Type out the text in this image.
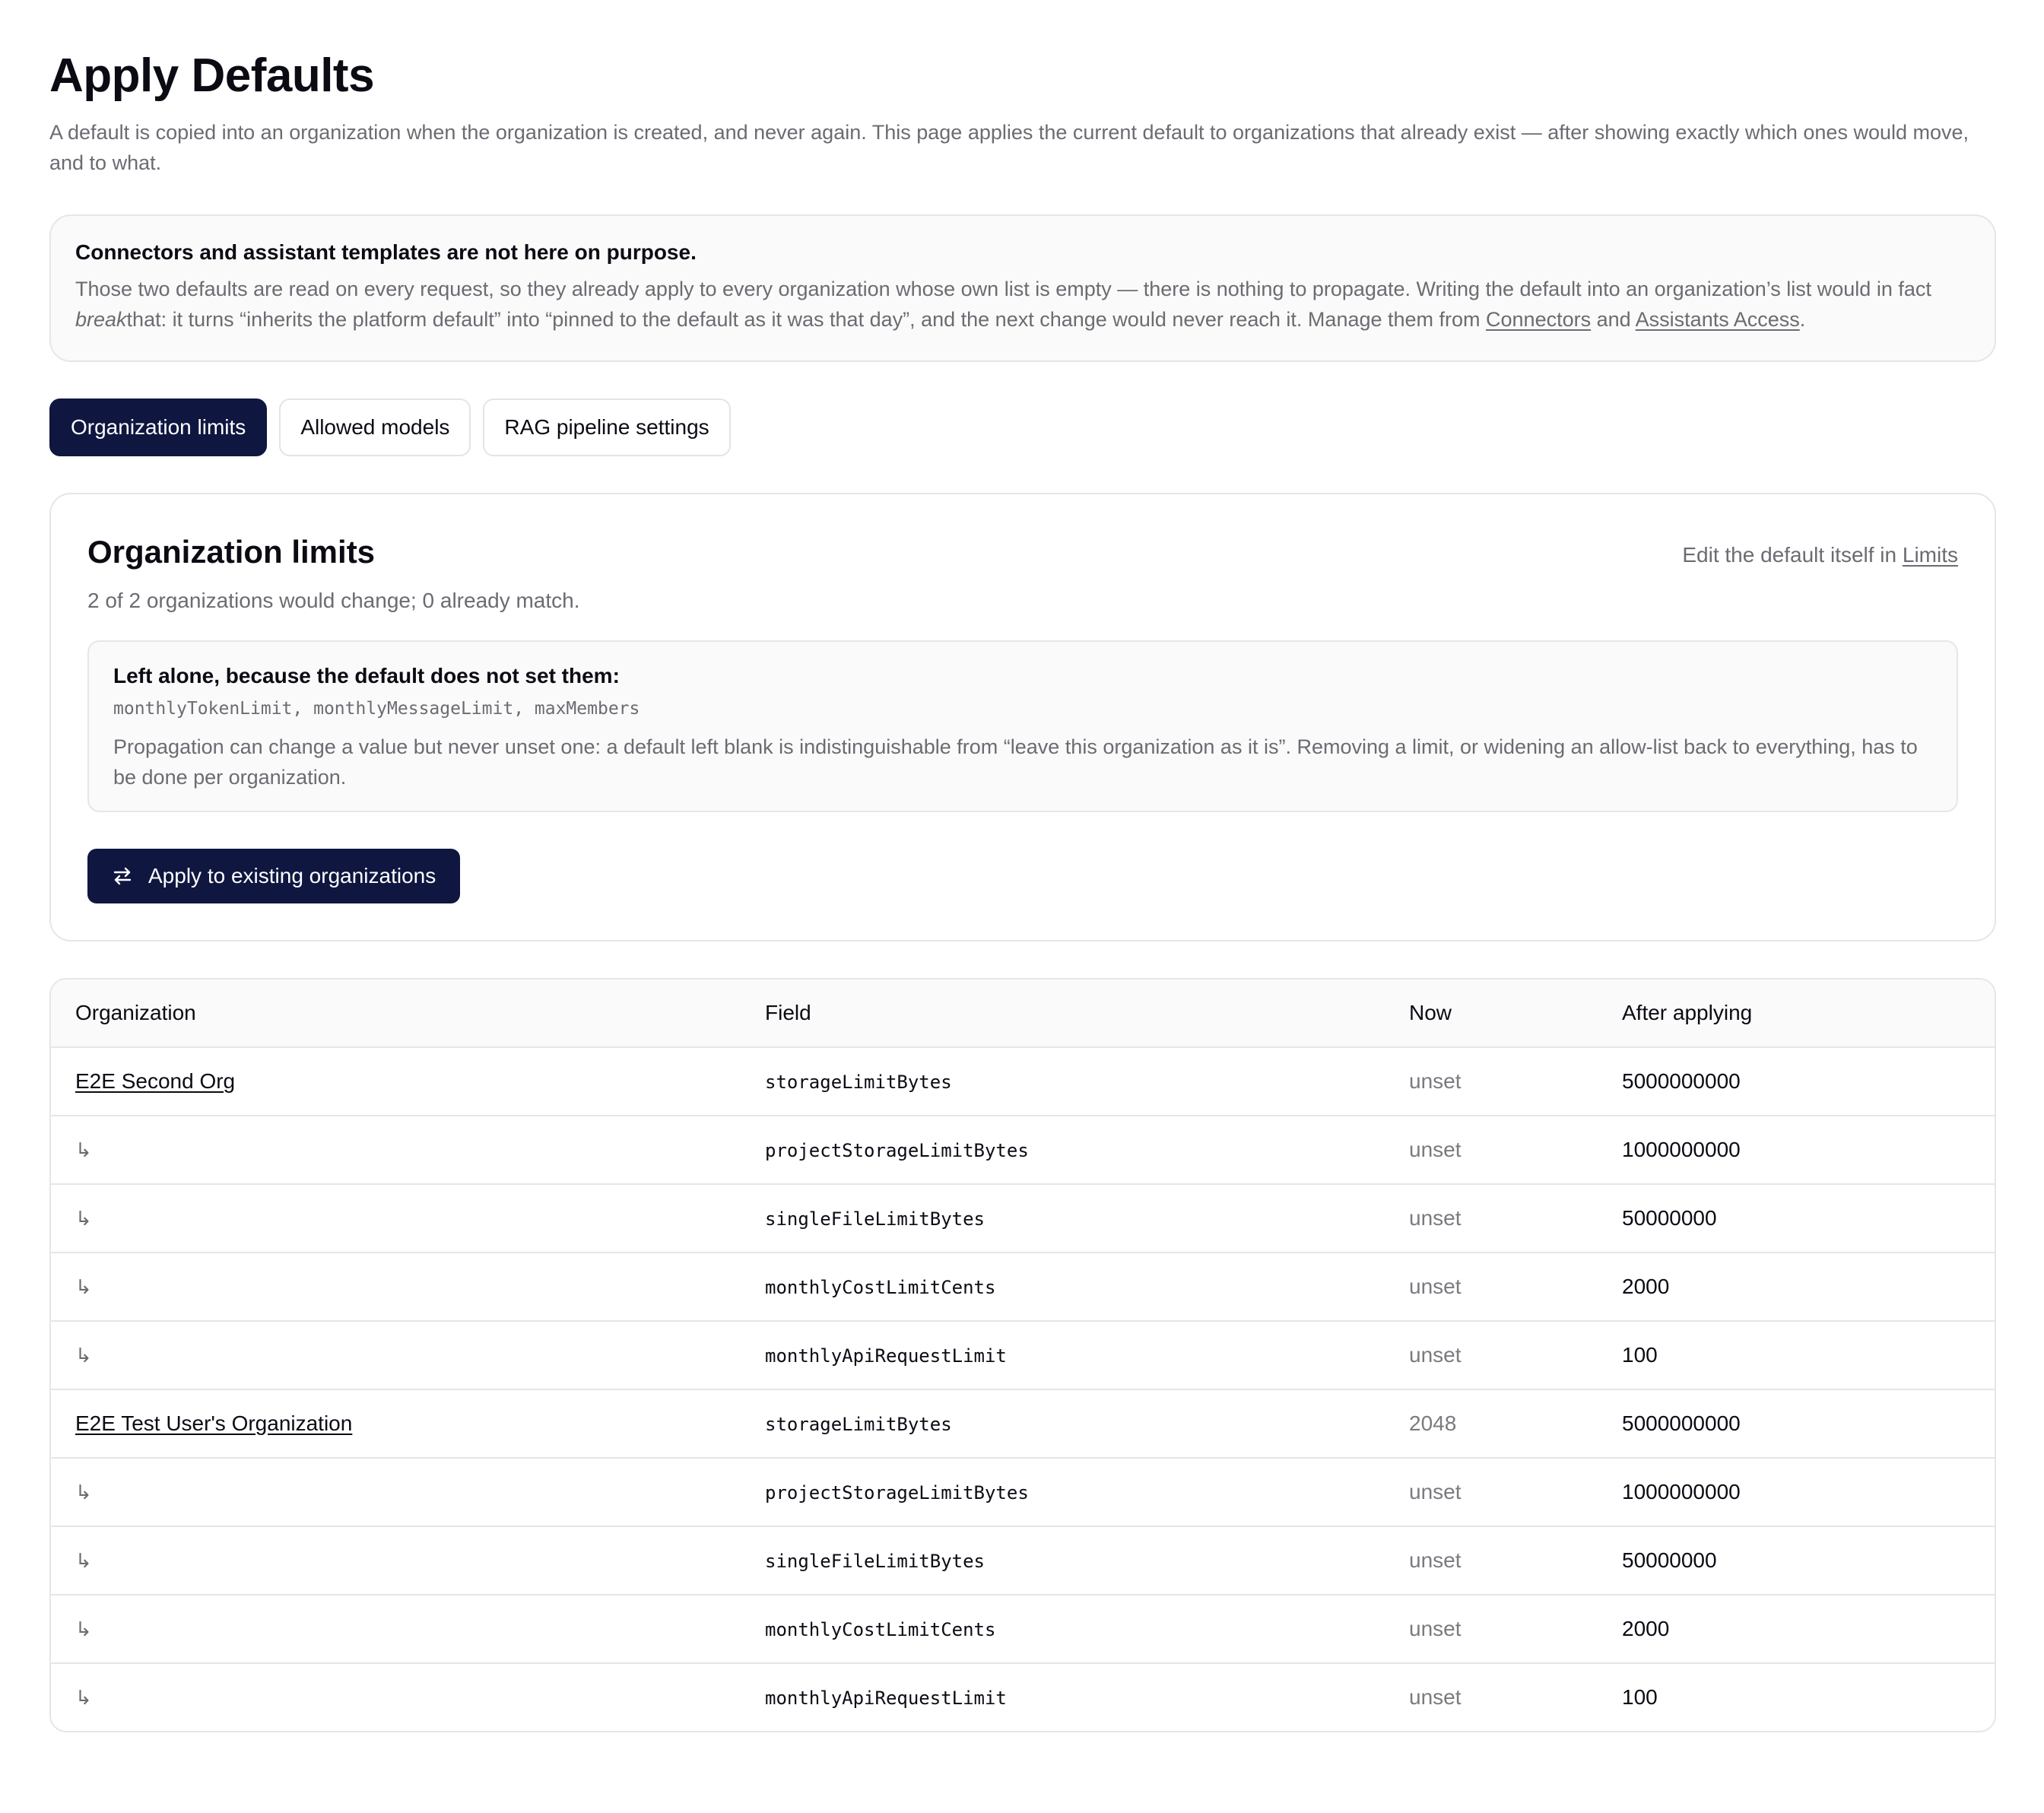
Apply Defaults
A default is copied into an organization when the organization is created, and never again. This page applies the current default to organizations that already exist — after showing exactly which ones would move, and to what.
Connectors and assistant templates are not here on purpose.
Those two defaults are read on every request, so they already apply to every organization whose own list is empty — there is nothing to propagate. Writing the default into an organization’s list would in fact breakthat: it turns “inherits the platform default” into “pinned to the default as it was that day”, and the next change would never reach it. Manage them from Connectors and Assistants Access.
Organization limits	Allowed models	RAG pipeline settings
Organization limits	Edit the default itself in Limits
2 of 2 organizations would change; 0 already match.
Left alone, because the default does not set them:
monthlyTokenLimit, monthlyMessageLimit, maxMembers
Propagation can change a value but never unset one: a default left blank is indistinguishable from “leave this organization as it is”. Removing a limit, or widening an allow-list back to everything, has to be done per organization.
Apply to existing organizations
Organization	Field	Now	After applying
E2E Second Org	storageLimitBytes	unset	5000000000
↳	projectStorageLimitBytes	unset	1000000000
↳	singleFileLimitBytes	unset	50000000
↳	monthlyCostLimitCents	unset	2000
↳	monthlyApiRequestLimit	unset	100
E2E Test User's Organization	storageLimitBytes	2048	5000000000
↳	projectStorageLimitBytes	unset	1000000000
↳	singleFileLimitBytes	unset	50000000
↳	monthlyCostLimitCents	unset	2000
↳	monthlyApiRequestLimit	unset	100
